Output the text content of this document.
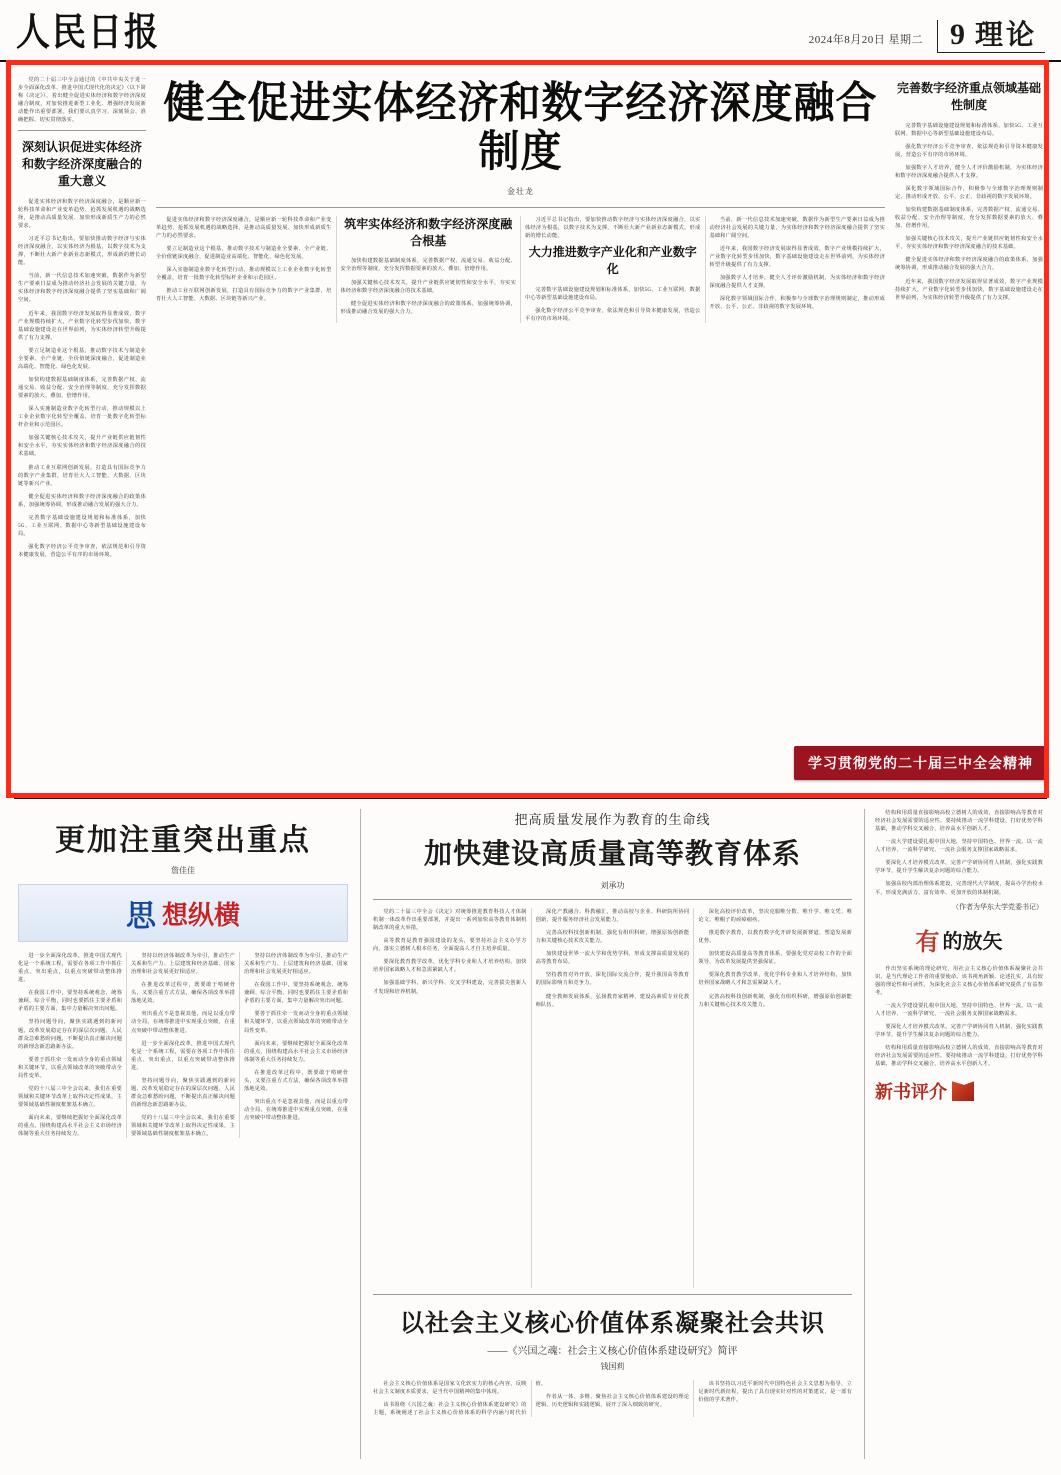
人民日报	2024年8月20日 星期二 9 理论

党的二十届三中全会通过的《中共中央关于进一步全面深化改革、推进中国式现代化的决定》（以下简称《决定》），着出健全促进实体经济和数字经济深度融合制度，对加快推进新型工业化、增强经济发展新动能作出重要部署。我们要认真学习、深刻领会、准确把握、切实贯彻落实。

深刻认识促进实体经济和数字经济深度融合的重大意义

促进实体经济和数字经济深度融合，是顺应新一轮科技革命和产业变革趋势、抢抓发展机遇的战略选择，是推动高质量发展、加快形成新质生产力的必然要求。

习近平总书记指出，要加快推动数字经济与实体经济深度融合，以实体经济为根基，以数字技术为支撑，不断壮大新产业新业态新模式，形成新的增长动能。

当前，新一代信息技术加速突破，数据作为新型生产要素日益成为推动经济社会发展的关键力量，为实体经济和数字经济深度融合提供了坚实基础和广阔空间。

近年来，我国数字经济发展取得显著成效，数字产业规模持续扩大，产业数字化转型步伐加快，数字基础设施建设走在世界前列，为实体经济转型升级提供了有力支撑。

要立足制造业这个根基，推动数字技术与制造业全要素、全产业链、全价值链深度融合，促进制造业高端化、智能化、绿色化发展。

加快构建数据基础制度体系，完善数据产权、流通交易、收益分配、安全治理等制度，充分发挥数据要素的放大、叠加、倍增作用。

深入实施制造业数字化转型行动，推动规模以上工业企业数字化转型全覆盖，培育一批数字化转型标杆企业和示范园区。

加强关键核心技术攻关，提升产业链供应链韧性和安全水平，夯实实体经济和数字经济深度融合的技术基础。

推动工业互联网创新发展，打造具有国际竞争力的数字产业集群，培育壮大人工智能、大数据、区块链等新兴产业。

健全促进实体经济和数字经济深度融合的政策体系，加强统筹协调，形成推动融合发展的强大合力。

完善数字基础设施建设规划和标准体系，加快5G、工业互联网、数据中心等新型基础设施建设布局。

强化数字经济公平竞争审查，依法规范和引导资本健康发展，营造公平有序的市场环境。

健全促进实体经济和数字经济深度融合制度
金壮龙

促进实体经济和数字经济深度融合，是顺应新一轮科技革命和产业变革趋势、抢抓发展机遇的战略选择，是推动高质量发展、加快形成新质生产力的必然要求。

要立足制造业这个根基，推动数字技术与制造业全要素、全产业链、全价值链深度融合，促进制造业高端化、智能化、绿色化发展。

深入实施制造业数字化转型行动，推动规模以上工业企业数字化转型全覆盖，培育一批数字化转型标杆企业和示范园区。

推动工业互联网创新发展，打造具有国际竞争力的数字产业集群，培育壮大人工智能、大数据、区块链等新兴产业。

筑牢实体经济和数字经济深度融合根基

加快构建数据基础制度体系，完善数据产权、流通交易、收益分配、安全治理等制度，充分发挥数据要素的放大、叠加、倍增作用。

加强关键核心技术攻关，提升产业链供应链韧性和安全水平，夯实实体经济和数字经济深度融合的技术基础。

健全促进实体经济和数字经济深度融合的政策体系，加强统筹协调，形成推动融合发展的强大合力。

习近平总书记指出，要加快推动数字经济与实体经济深度融合，以实体经济为根基，以数字技术为支撑，不断壮大新产业新业态新模式，形成新的增长动能。

大力推进数字产业化和产业数字化

完善数字基础设施建设规划和标准体系，加快5G、工业互联网、数据中心等新型基础设施建设布局。

强化数字经济公平竞争审查，依法规范和引导资本健康发展，营造公平有序的市场环境。

当前，新一代信息技术加速突破，数据作为新型生产要素日益成为推动经济社会发展的关键力量，为实体经济和数字经济深度融合提供了坚实基础和广阔空间。

近年来，我国数字经济发展取得显著成效，数字产业规模持续扩大，产业数字化转型步伐加快，数字基础设施建设走在世界前列，为实体经济转型升级提供了有力支撑。

加强数字人才培养，健全人才评价激励机制，为实体经济和数字经济深度融合提供人才支撑。

深化数字领域国际合作，积极参与全球数字治理规则制定，推动形成开放、公平、公正、非歧视的数字发展环境。

完善数字经济重点领域基础性制度

完善数字基础设施建设规划和标准体系，加快5G、工业互联网、数据中心等新型基础设施建设布局。

强化数字经济公平竞争审查，依法规范和引导资本健康发展，营造公平有序的市场环境。

加强数字人才培养，健全人才评价激励机制，为实体经济和数字经济深度融合提供人才支撑。

深化数字领域国际合作，积极参与全球数字治理规则制定，推动形成开放、公平、公正、非歧视的数字发展环境。

加快构建数据基础制度体系，完善数据产权、流通交易、收益分配、安全治理等制度，充分发挥数据要素的放大、叠加、倍增作用。

加强关键核心技术攻关，提升产业链供应链韧性和安全水平，夯实实体经济和数字经济深度融合的技术基础。

健全促进实体经济和数字经济深度融合的政策体系，加强统筹协调，形成推动融合发展的强大合力。

近年来，我国数字经济发展取得显著成效，数字产业规模持续扩大，产业数字化转型步伐加快，数字基础设施建设走在世界前列，为实体经济转型升级提供了有力支撑。

学习贯彻党的二十届三中全会精神
更加注重突出重点
詹佳佳
思 想纵横

进一步全面深化改革，推进中国式现代化是一个系统工程，需要在各项工作中抓住重点、突出重点，以重点突破带动整体推进。

在我国工作中，要坚持系统观念，统筹兼顾、综合平衡，同时也要抓住主要矛盾和矛盾的主要方面，集中力量解决突出问题。

坚持问题导向，聚焦实践遇到的新问题、改革发展稳定存在的深层次问题、人民群众急难愁盼问题，不断提出真正解决问题的新理念新思路新办法。

要善于抓住牵一发而动全身的重点领域和关键环节，以重点领域改革的突破带动全局性变革。

党的十八届三中全会以来，我们在重要领域和关键环节改革上取得决定性成果，主要领域基础性制度框架基本确立。

面向未来，要继续把握好全面深化改革的重点，围绕构建高水平社会主义市场经济体制等重大任务持续发力。

坚持以经济体制改革为牵引，推动生产关系和生产力、上层建筑和经济基础、国家治理和社会发展更好相适应。

在推进改革过程中，既要敢于啃硬骨头，又要注重方式方法，确保各项改革举措落地见效。

突出重点不是忽视其他，而是以重点带动全局，在统筹推进中实现重点突破，在重点突破中带动整体推进。

进一步全面深化改革，推进中国式现代化是一个系统工程，需要在各项工作中抓住重点、突出重点，以重点突破带动整体推进。

坚持问题导向，聚焦实践遇到的新问题、改革发展稳定存在的深层次问题、人民群众急难愁盼问题，不断提出真正解决问题的新理念新思路新办法。

党的十八届三中全会以来，我们在重要领域和关键环节改革上取得决定性成果，主要领域基础性制度框架基本确立。

坚持以经济体制改革为牵引，推动生产关系和生产力、上层建筑和经济基础、国家治理和社会发展更好相适应。

在我国工作中，要坚持系统观念，统筹兼顾、综合平衡，同时也要抓住主要矛盾和矛盾的主要方面，集中力量解决突出问题。

要善于抓住牵一发而动全身的重点领域和关键环节，以重点领域改革的突破带动全局性变革。

面向未来，要继续把握好全面深化改革的重点，围绕构建高水平社会主义市场经济体制等重大任务持续发力。

在推进改革过程中，既要敢于啃硬骨头，又要注重方式方法，确保各项改革举措落地见效。

突出重点不是忽视其他，而是以重点带动全局，在统筹推进中实现重点突破，在重点突破中带动整体推进。

把高质量发展作为教育的生命线
加快建设高质量高等教育体系
刘承功

党的二十届三中全会《决定》对统筹推进教育科技人才体制机制一体改革作出重要部署，并提出一系列加快高等教育体制机制改革的重大举措。

高等教育是教育强国建设的龙头，要坚持社会主义办学方向，落实立德树人根本任务，全面提高人才自主培养质量。

要深化教育教学改革，优化学科专业和人才培养结构，加快培养国家战略人才和急需紧缺人才。

加强基础学科、新兴学科、交叉学科建设，完善拔尖创新人才发现和培养机制。

深化产教融合、科教融汇，推动高校与企业、科研院所协同创新，提升服务经济社会发展能力。

完善高校科技创新机制，强化有组织科研，增强原始创新能力和关键核心技术攻关能力。

加快建设世界一流大学和优势学科，形成支撑高质量发展的高等教育布局。

坚持教育对外开放，深化国际交流合作，提升我国高等教育的国际影响力和竞争力。

健全教师发展体系，弘扬教育家精神，建设高素质专业化教师队伍。

深化高校评价改革，坚决克服唯分数、唯升学、唯文凭、唯论文、唯帽子的顽瘴痼疾。

推进数字教育，以教育数字化开辟发展新赛道、塑造发展新优势。

加快建设高质量高等教育体系，要强化党对高校工作的全面领导，为改革发展提供坚强保证。

要深化教育教学改革，优化学科专业和人才培养结构，加快培养国家战略人才和急需紧缺人才。

完善高校科技创新机制，强化有组织科研，增强原始创新能力和关键核心技术攻关能力。

以社会主义核心价值体系凝聚社会共识
——《兴国之魂：社会主义核心价值体系建设研究》简评
钱国莉

社会主义核心价值体系是国家文化软实力的核心内容，反映社会主义制度本质要求，是当代中国精神的集中体现。

该书围绕《兴国之魂：社会主义核心价值体系建设研究》的主题，系统阐述了社会主义核心价值体系的科学内涵与时代价值。

作者从一体、多维、聚焦社会主义核心价值体系建设的理论逻辑、历史逻辑和实践逻辑，展开了深入细致的研究。

该书坚持以习近平新时代中国特色社会主义思想为指导，立足新时代新征程，提出了具有现实针对性的对策建议，是一部有价值的学术著作。

结构和用质量直接影响高校立德树人的成效，直接影响高等教育对经济社会发展需要的适应性。要持续推动一流学科建设，打好优势学科基础，推动学科交叉融合，培养高水平创新人才。

一流大学建设要扎根中国大地，坚持中国特色、世界一流，以一流人才培养、一流科学研究、一流社会服务支撑国家战略需求。

要深化人才培养模式改革，完善产学研协同育人机制，强化实践教学环节，提升学生解决复杂问题的综合能力。

加强高校内部治理体系建设，完善现代大学制度，提高办学治校水平，形成充满活力、富有效率、更加开放的体制机制。

（作者为华东大学党委书记）
有 的放矢

作出坚实系统的理论研究，用社会主义核心价值体系凝聚社会共识，是当代理论工作者的重要使命。该书视角新颖、论述扎实，具有较强的理论性和可读性，为深化社会主义核心价值体系研究提供了有益参考。

一流大学建设要扎根中国大地，坚持中国特色、世界一流，以一流人才培养、一流科学研究、一流社会服务支撑国家战略需求。

要深化人才培养模式改革，完善产学研协同育人机制，强化实践教学环节，提升学生解决复杂问题的综合能力。

结构和用质量直接影响高校立德树人的成效，直接影响高等教育对经济社会发展需要的适应性。要持续推动一流学科建设，打好优势学科基础，推动学科交叉融合，培养高水平创新人才。

新书评介
